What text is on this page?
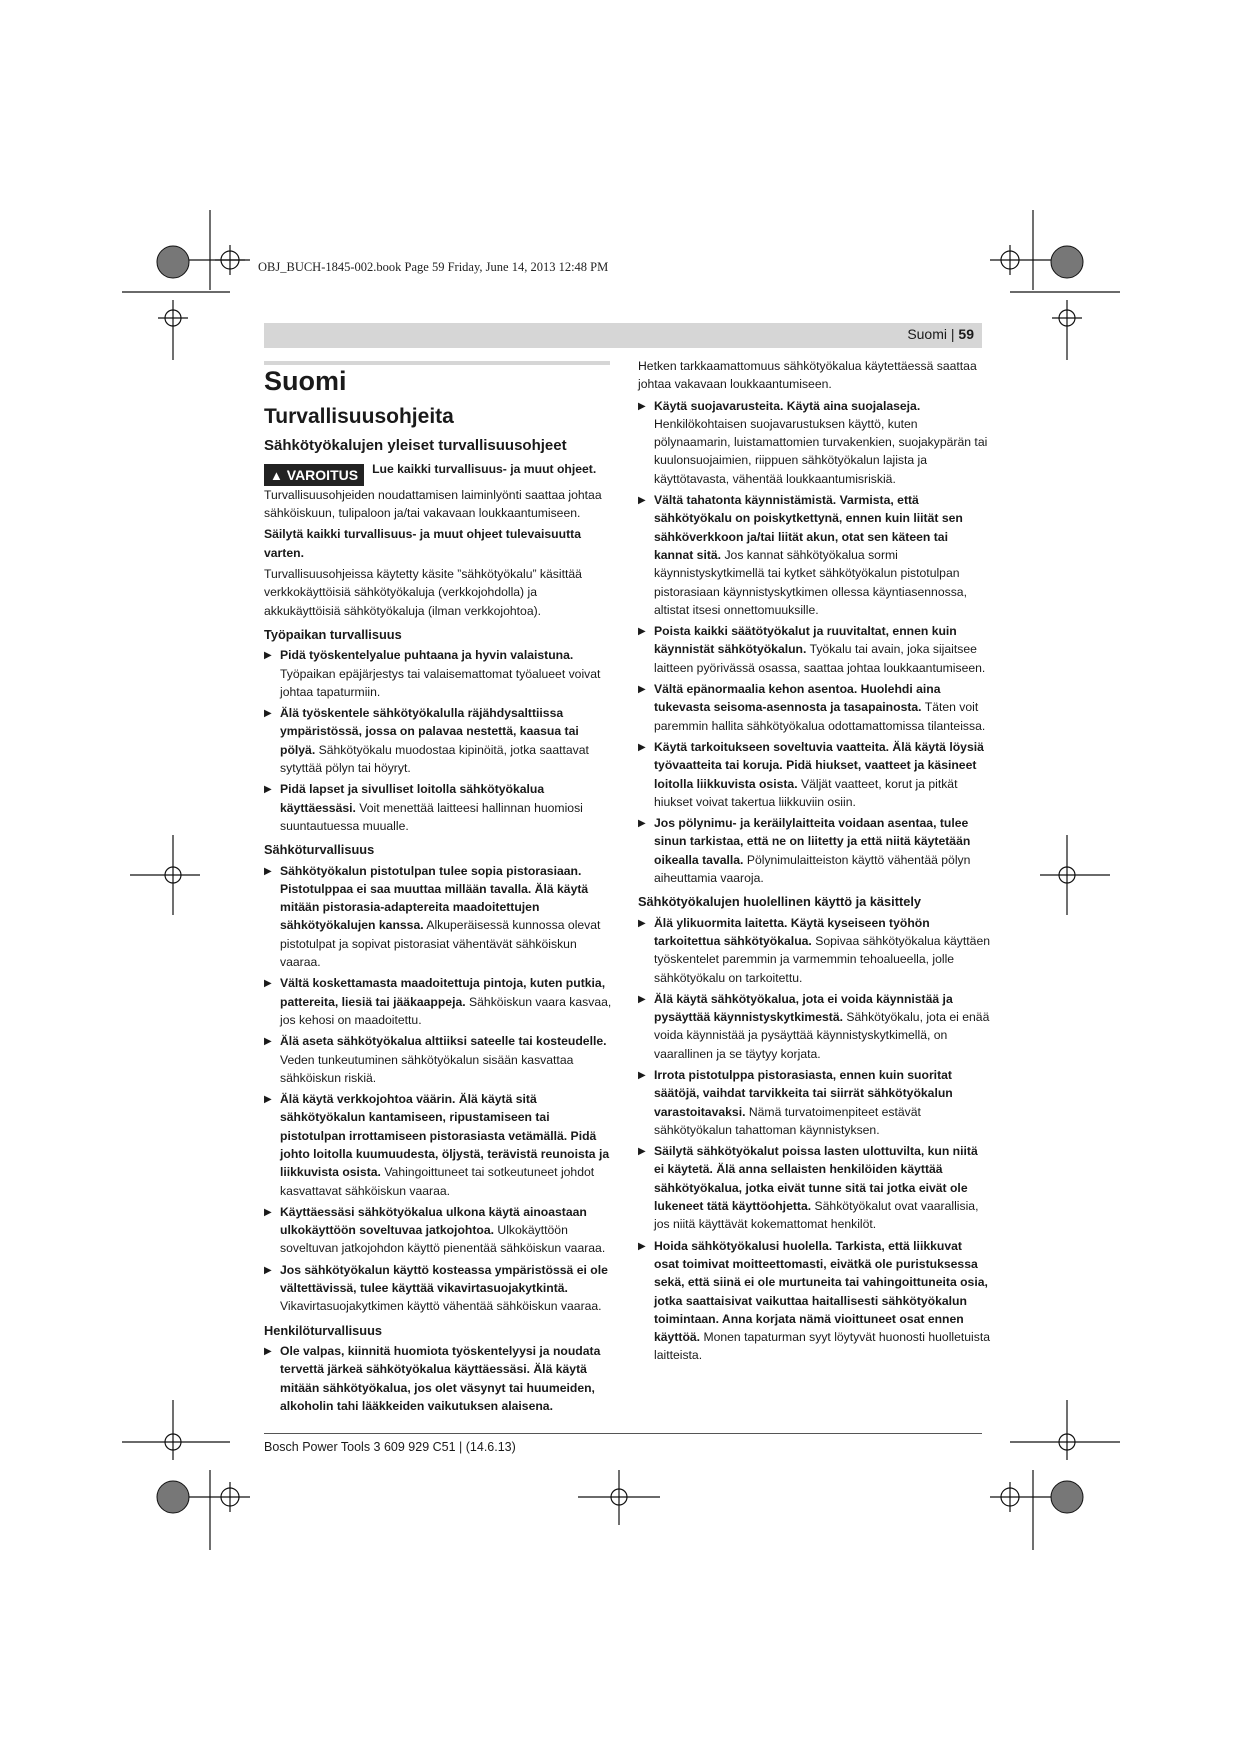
OBJ_BUCH-1845-002.book Page 59 Friday, June 14, 2013 12:48 PM
Suomi | 59
Suomi
Turvallisuusohjeita
Sähkötyökalujen yleiset turvallisuusohjeet
▲ VAROITUS	Lue kaikki turvallisuus- ja muut ohjeet.

Turvallisuusohjeiden noudattamisen laiminlyönti saattaa johtaa sähköiskuun, tulipaloon ja/tai vakavaan loukkaantumiseen.

Säilytä kaikki turvallisuus- ja muut ohjeet tulevaisuutta varten.

Turvallisuusohjeissa käytetty käsite ”sähkötyökalu” käsittää verkkokäyttöisiä sähkötyökaluja (verkkojohdolla) ja akkukäyttöisiä sähkötyökaluja (ilman verkkojohtoa).

Työpaikan turvallisuus
▶ Pidä työskentelyalue puhtaana ja hyvin valaistuna. Työpaikan epäjärjestys tai valaisemattomat työalueet voivat johtaa tapaturmiin.
▶ Älä työskentele sähkötyökalulla räjähdysalttiissa ympäristössä, jossa on palavaa nestettä, kaasua tai pölyä. Sähkötyökalu muodostaa kipinöitä, jotka saattavat sytyttää pölyn tai höyryt.
▶ Pidä lapset ja sivulliset loitolla sähkötyökalua käyttäessäsi. Voit menettää laitteesi hallinnan huomiosi suuntautuessa muualle.
Sähköturvallisuus
▶ Sähkötyökalun pistotulpan tulee sopia pistorasiaan. Pistotulppaa ei saa muuttaa millään tavalla. Älä käytä mitään pistorasia-adaptereita maadoitettujen sähkötyökalujen kanssa. Alkuperäisessä kunnossa olevat pistotulpat ja sopivat pistorasiat vähentävät sähköiskun vaaraa.
▶ Vältä koskettamasta maadoitettuja pintoja, kuten putkia, pattereita, liesiä tai jääkaappeja. Sähköiskun vaara kasvaa, jos kehosi on maadoitettu.
▶ Älä aseta sähkötyökalua alttiiksi sateelle tai kosteudelle. Veden tunkeutuminen sähkötyökalun sisään kasvattaa sähköiskun riskiä.
▶ Älä käytä verkkojohtoa väärin. Älä käytä sitä sähkötyökalun kantamiseen, ripustamiseen tai pistotulpan irrottamiseen pistorasiasta vetämällä. Pidä johto loitolla kuumuudesta, öljystä, terävistä reunoista ja liikkuvista osista. Vahingoittuneet tai sotkeutuneet johdot kasvattavat sähköiskun vaaraa.
▶ Käyttäessäsi sähkötyökalua ulkona käytä ainoastaan ulkokäyttöön soveltuvaa jatkojohtoa. Ulkokäyttöön soveltuvan jatkojohdon käyttö pienentää sähköiskun vaaraa.
▶ Jos sähkötyökalun käyttö kosteassa ympäristössä ei ole vältettävissä, tulee käyttää vikavirtasuojakytkintä. Vikavirtasuojakytkimen käyttö vähentää sähköiskun vaaraa.
Henkilöturvallisuus
▶ Ole valpas, kiinnitä huomiota työskentelyysi ja noudata tervettä järkeä sähkötyökalua käyttäessäsi. Älä käytä mitään sähkötyökalua, jos olet väsynyt tai huumeiden, alkoholin tahi lääkkeiden vaikutuksen alaisena.

Hetken tarkkaamattomuus sähkötyökalua käytettäessä saattaa johtaa vakavaan loukkaantumiseen.

▶ Käytä suojavarusteita. Käytä aina suojalaseja. Henkilökohtaisen suojavarustuksen käyttö, kuten pölynaamarin, luistamattomien turvakenkien, suojakypärän tai kuulonsuojaimien, riippuen sähkötyökalun lajista ja käyttötavasta, vähentää loukkaantumisriskiä.
▶ Vältä tahatonta käynnistämistä. Varmista, että sähkötyökalu on poiskytkettynä, ennen kuin liität sen sähköverkkoon ja/tai liität akun, otat sen käteen tai kannat sitä. Jos kannat sähkötyökalua sormi käynnistyskytkimellä tai kytket sähkötyökalun pistotulpan pistorasiaan käynnistyskytkimen ollessa käyntiasennossa, altistat itsesi onnettomuuksille.
▶ Poista kaikki säätötyökalut ja ruuvitaltat, ennen kuin käynnistät sähkötyökalun. Työkalu tai avain, joka sijaitsee laitteen pyörivässä osassa, saattaa johtaa loukkaantumiseen.
▶ Vältä epänormaalia kehon asentoa. Huolehdi aina tukevasta seisoma-asennosta ja tasapainosta. Täten voit paremmin hallita sähkötyökalua odottamattomissa tilanteissa.
▶ Käytä tarkoitukseen soveltuvia vaatteita. Älä käytä löysiä työvaatteita tai koruja. Pidä hiukset, vaatteet ja käsineet loitolla liikkuvista osista. Väljät vaatteet, korut ja pitkät hiukset voivat takertua liikkuviin osiin.
▶ Jos pölynimu- ja keräilylaitteita voidaan asentaa, tulee sinun tarkistaa, että ne on liitetty ja että niitä käytetään oikealla tavalla. Pölynimulaitteiston käyttö vähentää pölyn aiheuttamia vaaroja.
Sähkötyökalujen huolellinen käyttö ja käsittely
▶ Älä ylikuormita laitetta. Käytä kyseiseen työhön tarkoitettua sähkötyökalua. Sopivaa sähkötyökalua käyttäen työskentelet paremmin ja varmemmin tehoalueella, jolle sähkötyökalu on tarkoitettu.
▶ Älä käytä sähkötyökalua, jota ei voida käynnistää ja pysäyttää käynnistyskytkimestä. Sähkötyökalu, jota ei enää voida käynnistää ja pysäyttää käynnistyskytkimellä, on vaarallinen ja se täytyy korjata.
▶ Irrota pistotulppa pistorasiasta, ennen kuin suoritat säätöjä, vaihdat tarvikkeita tai siirrät sähkötyökalun varastoitavaksi. Nämä turvatoimenpiteet estävät sähkötyökalun tahattoman käynnistyksen.
▶ Säilytä sähkötyökalut poissa lasten ulottuvilta, kun niitä ei käytetä. Älä anna sellaisten henkilöiden käyttää sähkötyökalua, jotka eivät tunne sitä tai jotka eivät ole lukeneet tätä käyttöohjetta. Sähkötyökalut ovat vaarallisia, jos niitä käyttävät kokemattomat henkilöt.
▶ Hoida sähkötyökalusi huolella. Tarkista, että liikkuvat osat toimivat moitteettomasti, eivätkä ole puristuksessa sekä, että siinä ei ole murtuneita tai vahingoittuneita osia, jotka saattaisivat vaikuttaa haitallisesti sähkötyökalun toimintaan. Anna korjata nämä vioittuneet osat ennen käyttöä. Monen tapaturman syyt löytyvät huonosti huolletuista laitteista.
Bosch Power Tools 3 609 929 C51 | (14.6.13)
